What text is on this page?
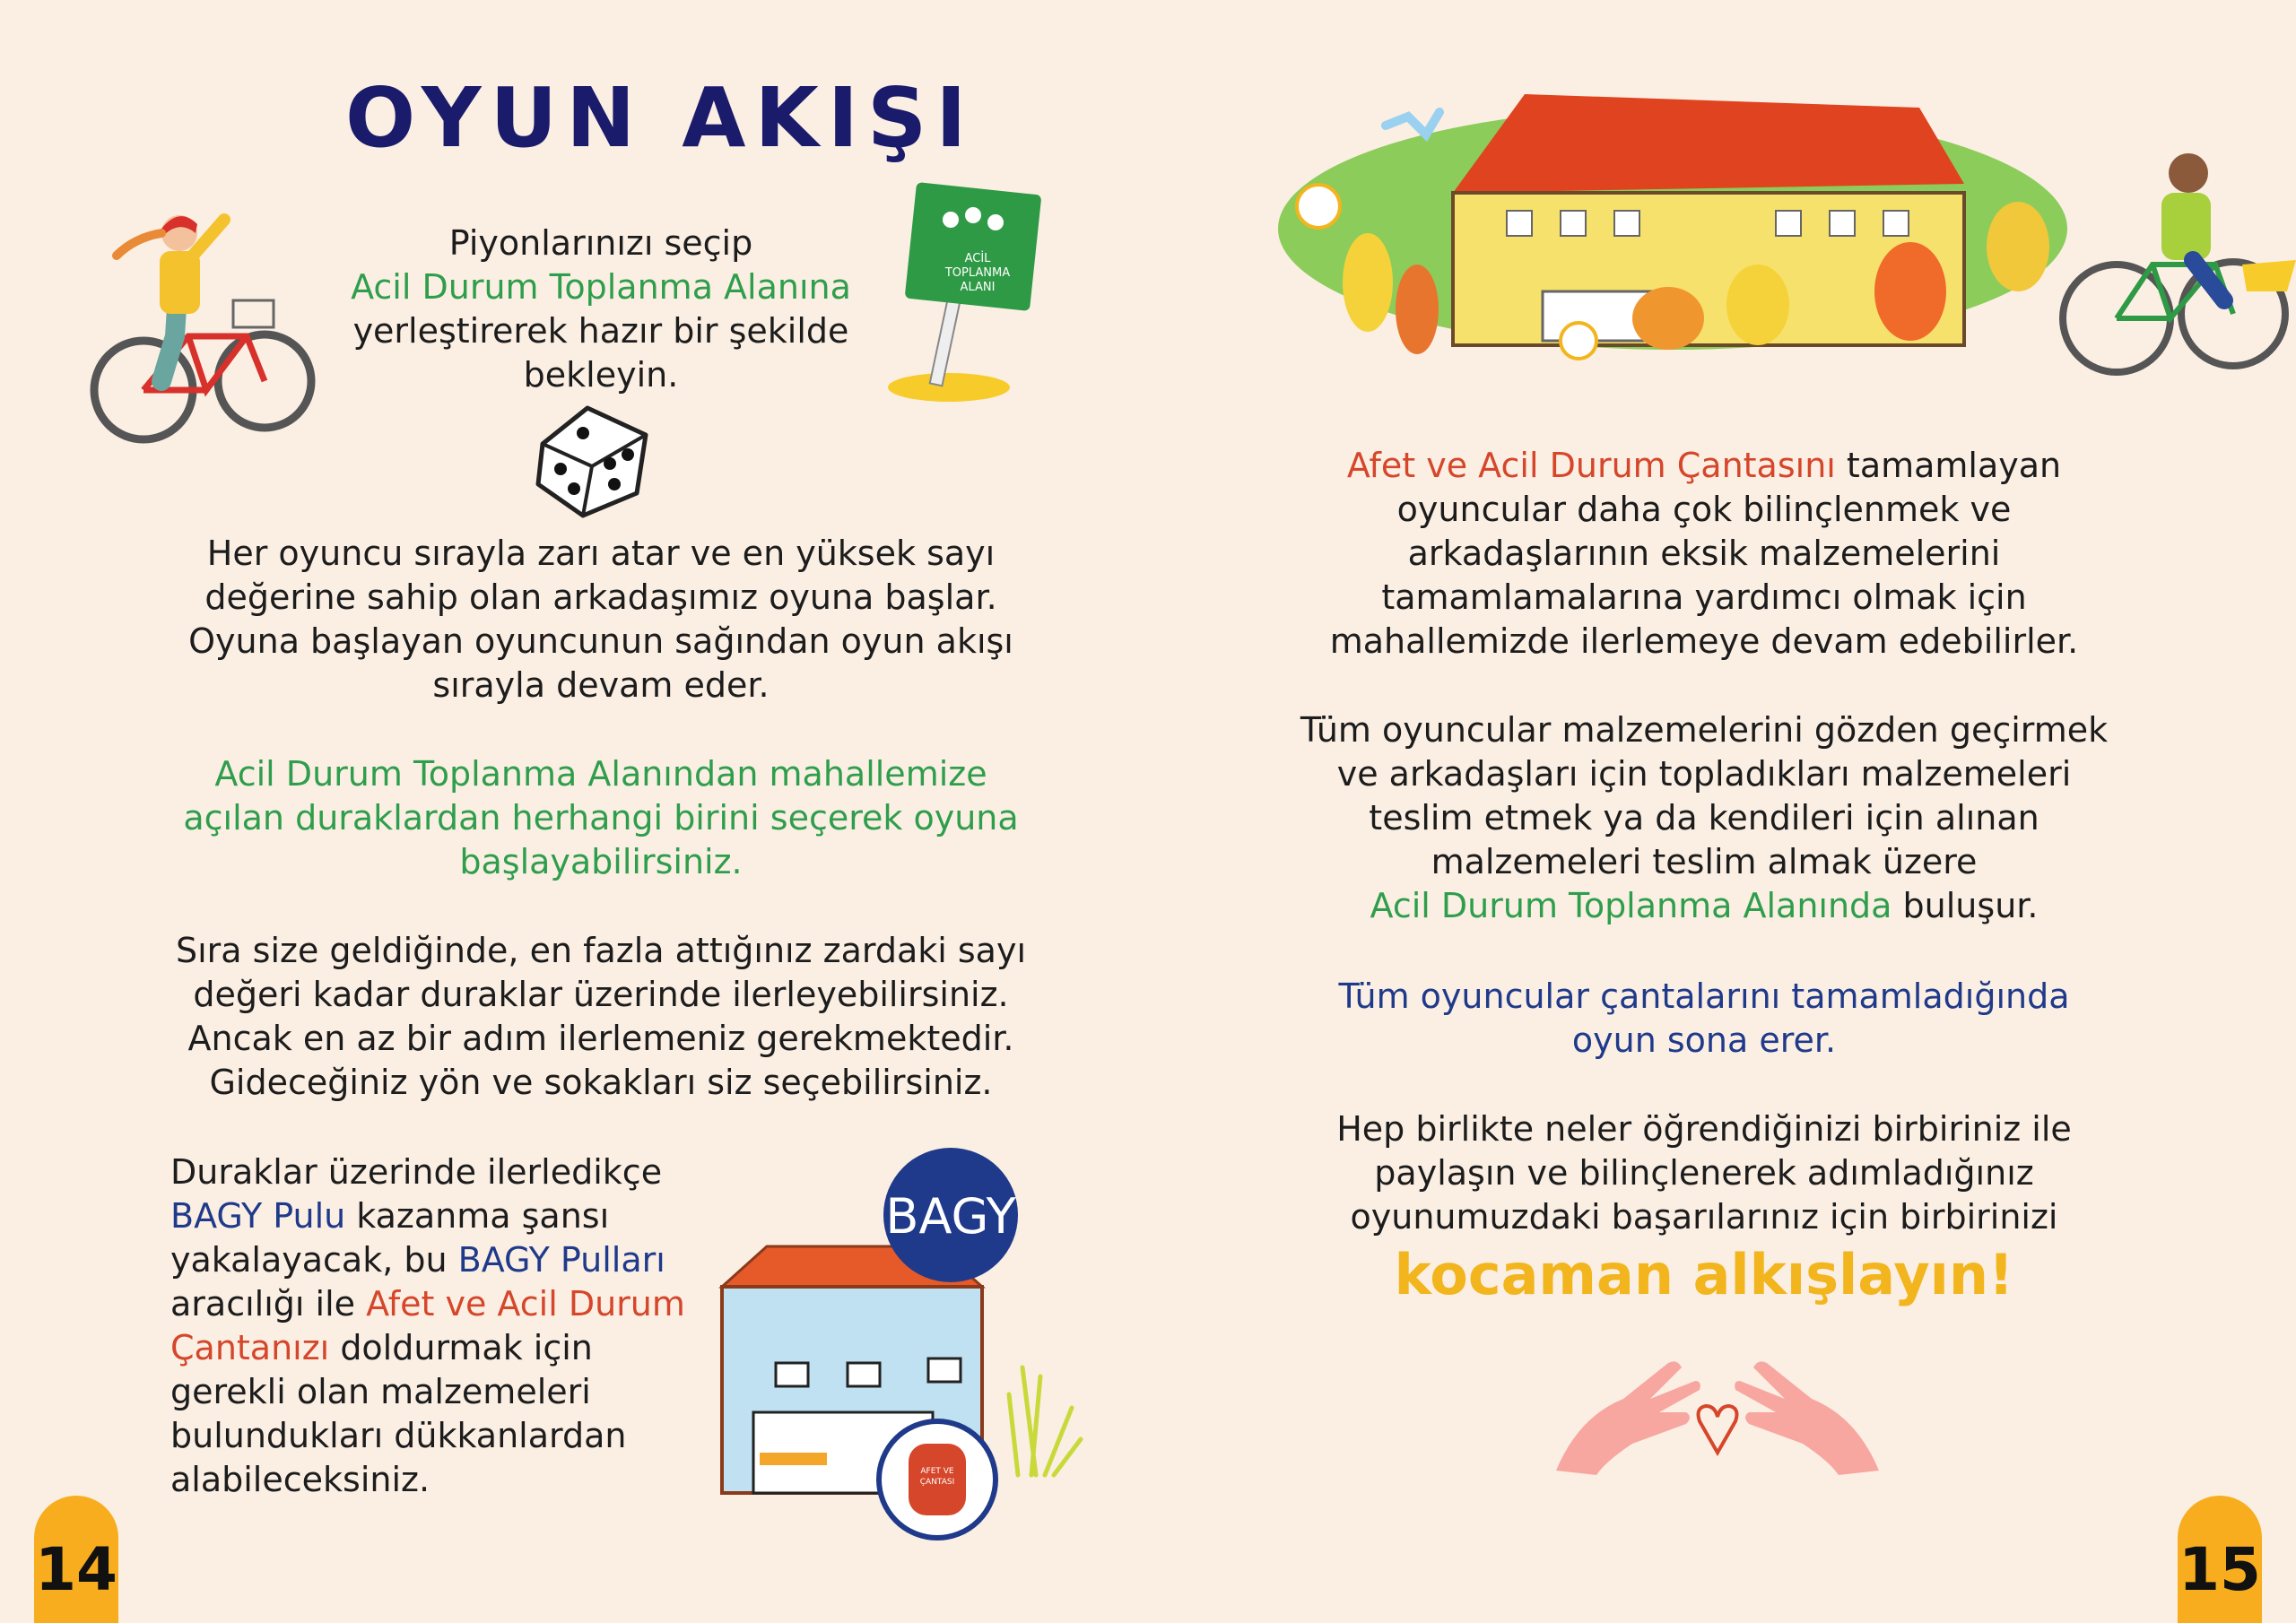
OYUN AKIŞI
Piyonlarınızı seçip
Acil Durum Toplanma Alanına
yerleştirerek hazır bir şekilde
bekleyin.
ACİL
TOPLANMA
ALANI
Her oyuncu sırayla zarı atar ve en yüksek sayı
değerine sahip olan arkadaşımız oyuna başlar.
Oyuna başlayan oyuncunun sağından oyun akışı
sırayla devam eder.
Acil Durum Toplanma Alanından mahallemize
açılan duraklardan herhangi birini seçerek oyuna
başlayabilirsiniz.
Sıra size geldiğinde, en fazla attığınız zardaki sayı
değeri kadar duraklar üzerinde ilerleyebilirsiniz.
Ancak en az bir adım ilerlemeniz gerekmektedir.
Gideceğiniz yön ve sokakları siz seçebilirsiniz.
Duraklar üzerinde ilerledikçe
BAGY Pulu kazanma şansı
yakalayacak, bu BAGY Pulları
aracılığı ile Afet ve Acil Durum
Çantanızı doldurmak için
gerekli olan malzemeleri
bulundukları dükkanlardan
alabileceksiniz.
BAGY
AFET VE
ÇANTASI
14
Afet ve Acil Durum Çantasını tamamlayan
oyuncular daha çok bilinçlenmek ve
arkadaşlarının eksik malzemelerini
tamamlamalarına yardımcı olmak için
mahallemizde ilerlemeye devam edebilirler.
Tüm oyuncular malzemelerini gözden geçirmek
ve arkadaşları için topladıkları malzemeleri
teslim etmek ya da kendileri için alınan
malzemeleri teslim almak üzere
Acil Durum Toplanma Alanında buluşur.
Tüm oyuncular çantalarını tamamladığında
oyun sona erer.
Hep birlikte neler öğrendiğinizi birbiriniz ile
paylaşın ve bilinçlenerek adımladığınız
oyunumuzdaki başarılarınız için birbirinizi
kocaman alkışlayın!
15
